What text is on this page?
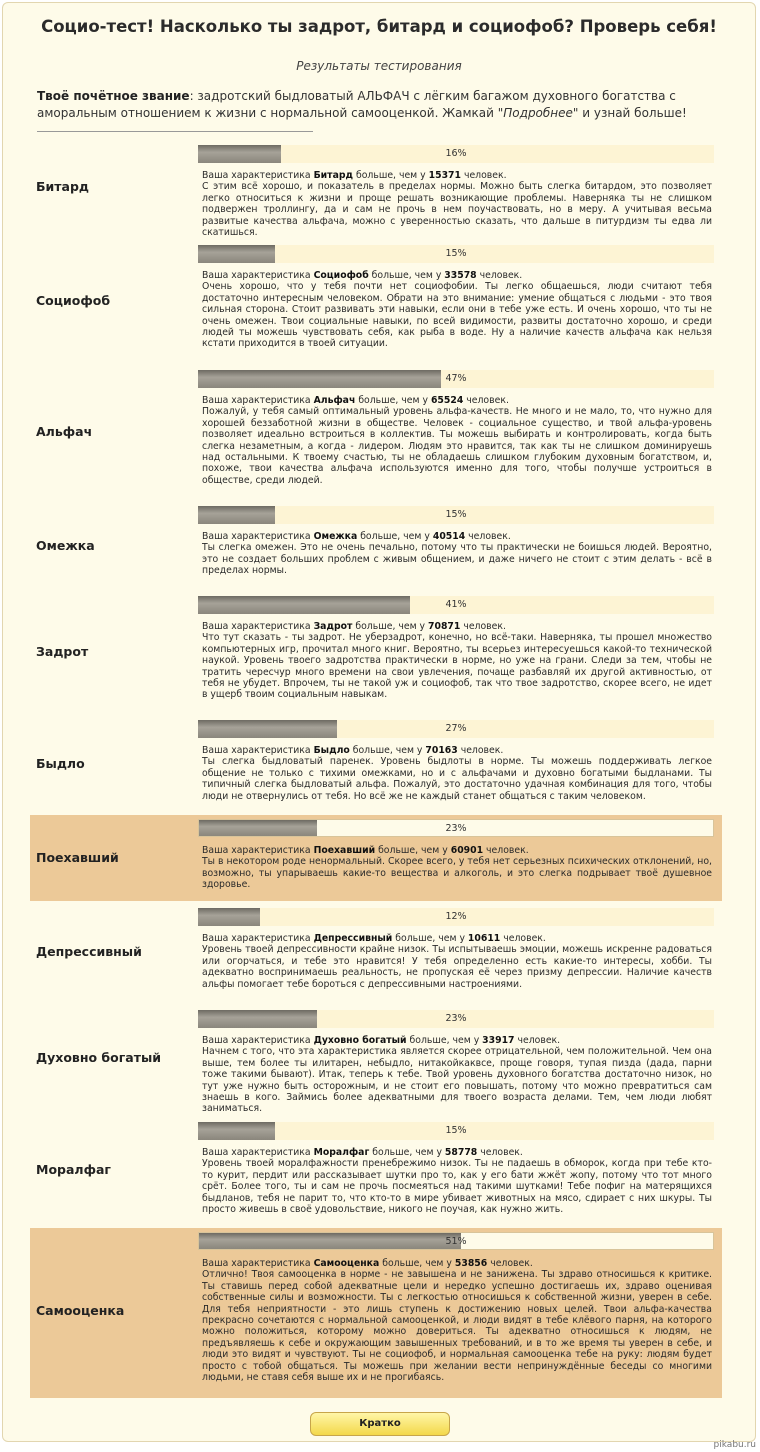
Социо-тест! Насколько ты задрот, битард и социофоб? Проверь себя!
Результаты тестирования
Твоё почётное звание: задротский быдловатый АЛЬФАЧ с лёгким багажом духовного богатства с аморальным отношением к жизни с нормальной самооценкой. Жамкай "Подробнее" и узнай больше!
Битард
16%
Ваша характеристика Битард больше, чем у 15371 человек.
С этим всё хорошо, и показатель в пределах нормы. Можно быть слегка битардом, это позволяет легко относиться к жизни и проще решать возникающие проблемы. Наверняка ты не слишком подвержен троллингу, да и сам не прочь в нем поучаствовать, но в меру. А учитывая весьма развитые качества альфача, можно с уверенностью сказать, что дальше в питурдизм ты едва ли скатишься.
Социофоб
15%
Ваша характеристика Социофоб больше, чем у 33578 человек.
Очень хорошо, что у тебя почти нет социофобии. Ты легко общаешься, люди считают тебя достаточно интересным человеком. Обрати на это внимание: умение общаться с людьми - это твоя сильная сторона. Стоит развивать эти навыки, если они в тебе уже есть. И очень хорошо, что ты не очень омежен. Твои социальные навыки, по всей видимости, развиты достаточно хорошо, и среди людей ты можешь чувствовать себя, как рыба в воде. Ну а наличие качеств альфача как нельзя кстати приходится в твоей ситуации.
Альфач
47%
Ваша характеристика Альфач больше, чем у 65524 человек.
Пожалуй, у тебя самый оптимальный уровень альфа-качеств. Не много и не мало, то, что нужно для хорошей беззаботной жизни в обществе. Человек - социальное существо, и твой альфа-уровень позволяет идеально встроиться в коллектив. Ты можешь выбирать и контролировать, когда быть слегка незаметным, а когда - лидером. Людям это нравится, так как ты не слишком доминируешь над остальными. К твоему счастью, ты не обладаешь слишком глубоким духовным богатством, и, похоже, твои качества альфача используются именно для того, чтобы получше устроиться в обществе, среди людей.
Омежка
15%
Ваша характеристика Омежка больше, чем у 40514 человек.
Ты слегка омежен. Это не очень печально, потому что ты практически не боишься людей. Вероятно, это не создает больших проблем с живым общением, и даже ничего не стоит с этим делать - всё в пределах нормы.
Задрот
41%
Ваша характеристика Задрот больше, чем у 70871 человек.
Что тут сказать - ты задрот. Не уберзадрот, конечно, но всё-таки. Наверняка, ты прошел множество компьютерных игр, прочитал много книг. Вероятно, ты всерьез интересуешься какой-то технической наукой. Уровень твоего задротства практически в норме, но уже на грани. Следи за тем, чтобы не тратить чересчур много времени на свои увлечения, почаще разбавляй их другой активностью, от тебя не убудет. Впрочем, ты не такой уж и социофоб, так что твое задротство, скорее всего, не идет в ущерб твоим социальным навыкам.
Быдло
27%
Ваша характеристика Быдло больше, чем у 70163 человек.
Ты слегка быдловатый паренек. Уровень быдлоты в норме. Ты можешь поддерживать легкое общение не только с тихими омежками, но и с альфачами и духовно богатыми быдланами. Ты типичный слегка быдловатый альфа. Пожалуй, это достаточно удачная комбинация для того, чтобы люди не отвернулись от тебя. Но всё же не каждый станет общаться с таким человеком.
Поехавший
23%
Ваша характеристика Поехавший больше, чем у 60901 человек.
Ты в некотором роде ненормальный. Скорее всего, у тебя нет серьезных психических отклонений, но, возможно, ты упарываешь какие-то вещества и алкоголь, и это слегка подрывает твоё душевное здоровье.
Депрессивный
12%
Ваша характеристика Депрессивный больше, чем у 10611 человек.
Уровень твоей депрессивности крайне низок. Ты испытываешь эмоции, можешь искренне радоваться или огорчаться, и тебе это нравится! У тебя определенно есть какие-то интересы, хобби. Ты адекватно воспринимаешь реальность, не пропуская её через призму депрессии. Наличие качеств альфы помогает тебе бороться с депрессивными настроениями.
Духовно богатый
23%
Ваша характеристика Духовно богатый больше, чем у 33917 человек.
Начнем с того, что эта характеристика является скорее отрицательной, чем положительной. Чем она выше, тем более ты илитарен, небыдло, нитакойкаквсе, проще говоря, тупая пизда (дада, парни тоже такими бывают). Итак, теперь к тебе. Твой уровень духовного богатства достаточно низок, но тут уже нужно быть осторожным, и не стоит его повышать, потому что можно превратиться сам знаешь в кого. Займись более адекватными для твоего возраста делами. Тем, чем люди любят заниматься.
Моралфаг
15%
Ваша характеристика Моралфаг больше, чем у 58778 человек.
Уровень твоей моралфажности пренебрежимо низок. Ты не падаешь в обморок, когда при тебе кто-то курит, пердит или рассказывает шутки про то, как у его бати жжёт жопу, потому что тот много срёт. Более того, ты и сам не прочь посмеяться над такими шутками! Тебе пофиг на матерящихся быдланов, тебя не парит то, что кто-то в мире убивает животных на мясо, сдирает с них шкуры. Ты просто живешь в своё удовольствие, никого не поучая, как нужно жить.
Самооценка
51%
Ваша характеристика Самооценка больше, чем у 53856 человек.
Отлично! Твоя самооценка в норме - не завышена и не занижена. Ты здраво относишься к критике. Ты ставишь перед собой адекватные цели и нередко успешно достигаешь их, здраво оценивая собственные силы и возможности. Ты с легкостью относишься к собственной жизни, уверен в себе. Для тебя неприятности - это лишь ступень к достижению новых целей. Твои альфа-качества прекрасно сочетаются с нормальной самооценкой, и люди видят в тебе клёвого парня, на которого можно положиться, которому можно довериться. Ты адекватно относишься к людям, не предъявляешь к себе и окружающим завышенных требований, и в то же время ты уверен в себе, и люди это видят и чувствуют. Ты не социофоб, и нормальная самооценка тебе на руку: людям будет просто с тобой общаться. Ты можешь при желании вести непринуждённые беседы со многими людьми, не ставя себя выше их и не прогибаясь.
Кратко
pikabu.ru
